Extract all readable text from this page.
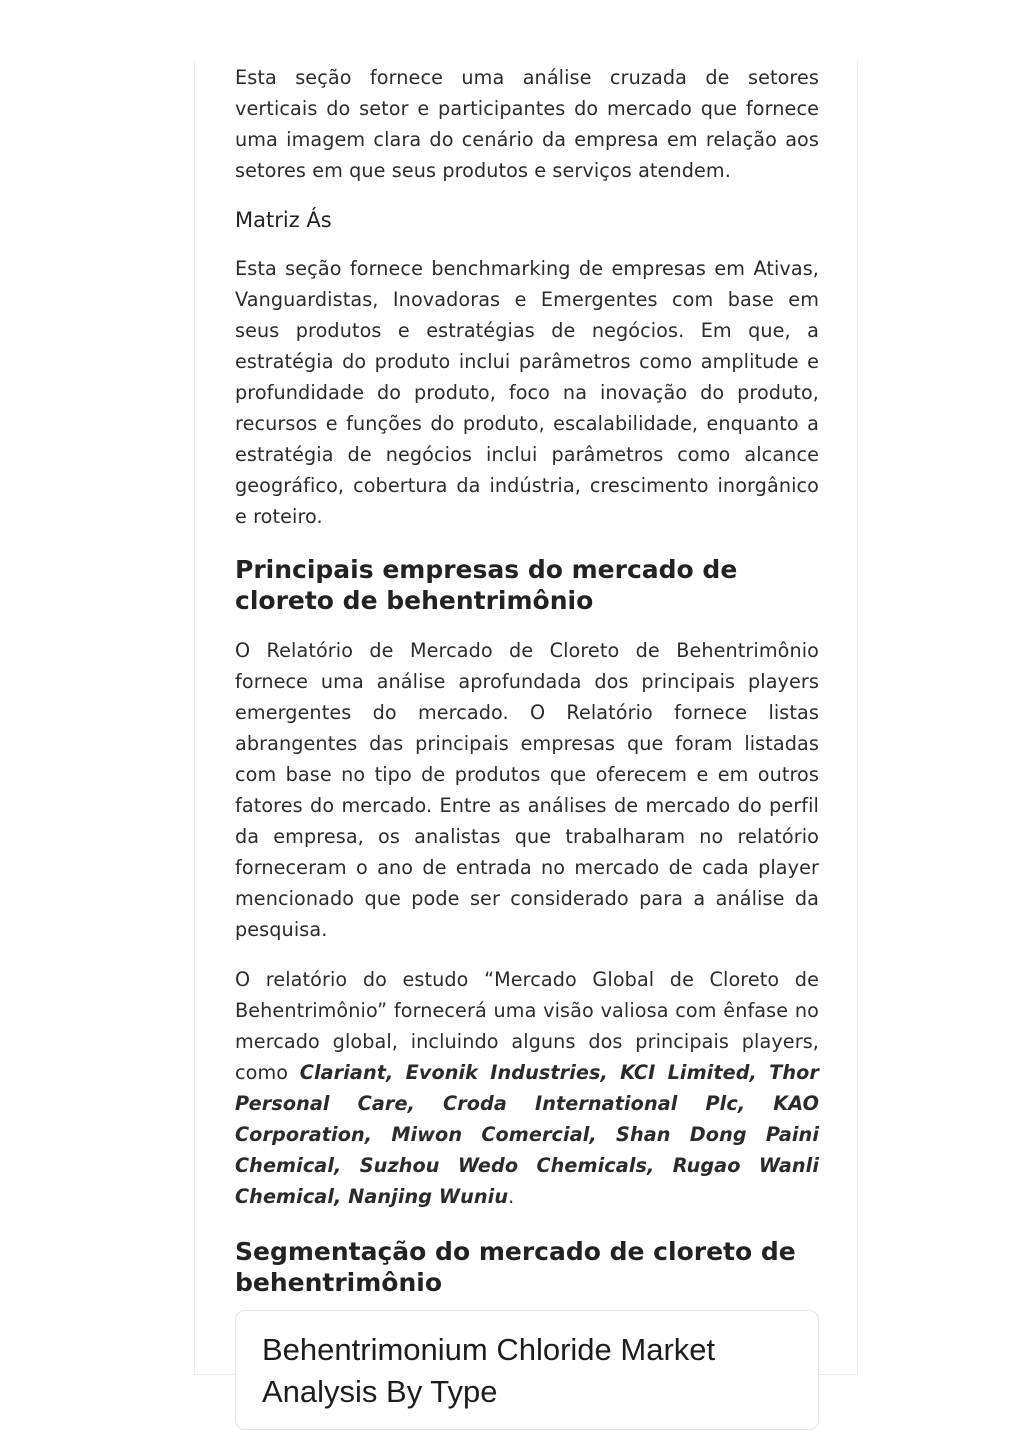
Esta seção fornece uma análise cruzada de setores verticais do setor e participantes do mercado que fornece uma imagem clara do cenário da empresa em relação aos setores em que seus produtos e serviços atendem.

Matriz Ás

Esta seção fornece benchmarking de empresas em Ativas, Vanguardistas, Inovadoras e Emergentes com base em seus produtos e estratégias de negócios. Em que, a estratégia do produto inclui parâmetros como amplitude e profundidade do produto, foco na inovação do produto, recursos e funções do produto, escalabilidade, enquanto a estratégia de negócios inclui parâmetros como alcance geográfico, cobertura da indústria, crescimento inorgânico e roteiro.

Principais empresas do mercado de cloreto de behentrimônio

O Relatório de Mercado de Cloreto de Behentrimônio fornece uma análise aprofundada dos principais players emergentes do mercado. O Relatório fornece listas abrangentes das principais empresas que foram listadas com base no tipo de produtos que oferecem e em outros fatores do mercado. Entre as análises de mercado do perfil da empresa, os analistas que trabalharam no relatório forneceram o ano de entrada no mercado de cada player mencionado que pode ser considerado para a análise da pesquisa.

O relatório do estudo “Mercado Global de Cloreto de Behentrimônio” fornecerá uma visão valiosa com ênfase no mercado global, incluindo alguns dos principais players, como Clariant, Evonik Industries, KCI Limited, Thor Personal Care, Croda International Plc, KAO Corporation, Miwon Comercial, Shan Dong Paini Chemical, Suzhou Wedo Chemicals, Rugao Wanli Chemical, Nanjing Wuniu.

Segmentação do mercado de cloreto de behentrimônio
Behentrimonium Chloride Market Analysis By Type
